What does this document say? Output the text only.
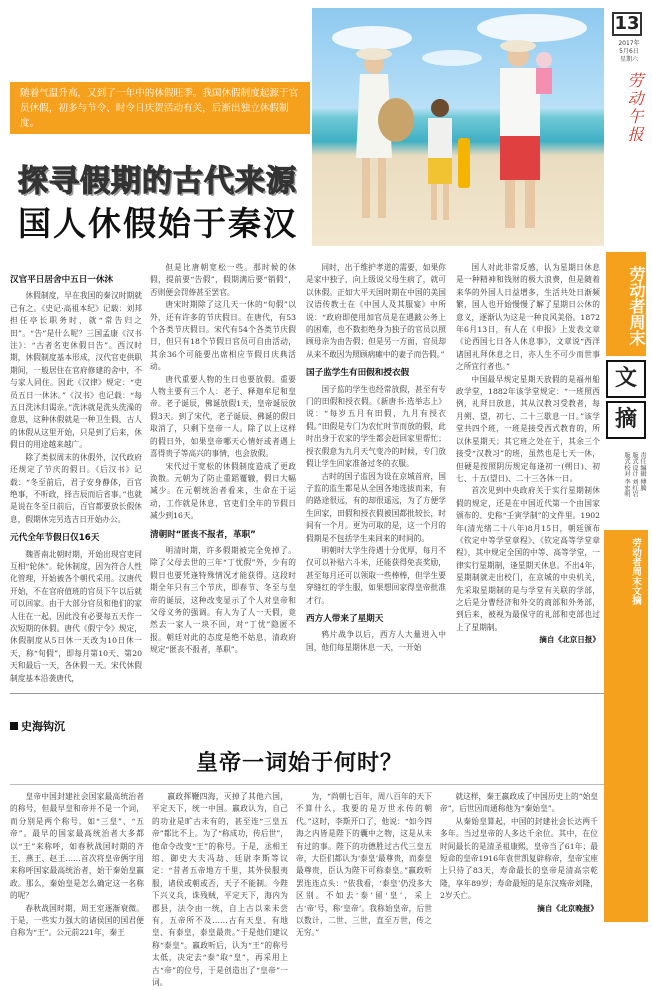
13
2017年
5月6日
星期六
劳动午报
随着气温升高，又到了一年中的休假旺季。我国休假制度起源于官员休假，初多与节令、时令日庆贺活动有关，后渐出独立休假制度。
探寻假期的古代来源
国人休假始于秦汉
汉官平日居舍中五日一休沐

休假制度，早在我国的秦汉时期就已有之。《史记·高祖本纪》记载：刘邦担任亭长职务时，就“常告归之田”。“告”是什么呢？三国孟康《汉书注》：“古者名吏休假日告”。西汉时期，休假制度基本形成，汉代官吏供职期间，一般居住在官府修建的舍中，不与家人同住。因此《汉律》规定：“吏员五日一休沐。”《汉书》也记载：“每五日洗沐归谒亲。”洗沐就是洗头洗澡的意思，这种休假就是一种卫生假，古人的休假从这里开始，只是到了后来，休假日的用途越来越广。

除了类似周末的休假外，汉代政府还规定了节庆的假日。《后汉书》记载：“冬至前后，君子安身静体，百官绝事，不听政，择吉辰而后省事。”也就是说在冬至日前后，百官都要放长假休息，假期休完另选吉日开始办公。

元代全年节假日仅16天

魏晋南北朝时期，开始出现官吏同互相“轮休”。轮休制度，因为符合人性化管理，开始被各个朝代采用。汉唐代开始，不在官府值班的官员下午以后就可以回家。由于大部分官员和他们的家人住在一起，因此没有必要每五天作一次短期的休假。唐代《假宁令》规定，休假制度从5日休一天改为10日休一天，称“旬假”，即每月第10天、第20天和最后一天，各休假一天。宋代休假制度基本沿袭唐代，

但是比唐朝宽松一些。那时候的休假，提前要“告假”，假期满后要“销假”，否则便会罚俸甚至罢官。

唐宋时期除了这几天一休的“旬假”以外，还有许多的节庆假日。在唐代，有53个各类节庆假日。宋代有54个各类节庆假日，但只有18个节假日官员可自由活动，其余36个可能要出席相应节假日庆典活动。

唐代重要人物的生日也要放假。重要人物主要有三个人：老子、释迦牟尼和皇帝。老子诞辰，佛诞放假1天，皇帝诞辰放假3天。到了宋代，老子诞辰、佛诞的假日取消了，只剩下皇帝一人。除了以上这样的假日外，如果皇帝哪天心情好或者遇上喜得贵子等高兴的事情，也会放假。

宋代过于宽松的休假制度造成了更政涣散。元朝为了防止重蹈覆辙，假日大幅减少。在元朝统治者看来，生命在于运动，工作就是休息，官吏们全年的节假日减少到16天。

清朝时“匿丧不报者，革职”

明清时期，许多假期被完全免掉了。除了父母去世的三年“丁忧假”外，少有的假日也要凭逢特殊情况才能获得。这段时期全年只有三个节庆，即春节、冬至与皇帝的诞辰，这种改变显示了个人对皇帝和父母义务的强调。有人为了人一天假，竟然去一家人一块不回，对“丁忧”隐匿不报。朝廷对此的态度是绝不姑息，清政府规定“匿丧不报者，革职”。

同时，出于维护孝道的需要，如果你是家中独子，向上级说父母生病了，就可以休假。正如大平天国时期在中国的美国汉语传教士在《中国人及其服宴》中所说：“政府即使用加官员是在遇跛公务上的困难，也不数拒绝身为独子的官员以照顾母亲为由告假；但是另一方面，官员却从来不敢因为照顾病瘫中的妻子而告假。”

国子监学生有田假和授衣假

国子监的学生也经常放假，甚至有专门的田假和授衣假。《新唐书·选举志上》说：“每岁五月有田假，九月有授衣假。”田假是专门为农忙时节而放的假，此时出身于农家的学生都会赶回家里帮忙；授衣假意为九月天气变冷的时候，专门放假让学生回家准备过冬的衣服。

古时的国子监因为设在京城首府，国子监的监生都是从全国各地选拔而来，有的路途很远，有的却很遥远，为了方便学生回家，田假和授衣假被国都批较长，时间有一个月。更为可取的是，这一个月的假期是不包括学生来回来的时间的。

明朝时大学生待遇十分优厚，每月不仅可以补贴六斗米，还能获得免丧奖励，甚至每月还可以领取一些棒棒，但学生要穿缝红的学生服，如果想回家得皇帝批准才行。

西方人带来了星期天

鸦片战争以后，西方人大量进入中国，他们每星期休息一天，一开始

国人对此非常反感，认为星期日休息是一种精神和钱财的极大浪费，但是随着来华的外国人日益增多，生活共处日渐频繁，国人也开始慢慢了解了星期日公休的意义，逐渐认为这是一种良风美俗。1872年6月13日，有人在《申报》上发表文章《论西国七日各人休息事》，文章说“西洋诸国礼拜休息之日，亦人生不可少而世事之所宜行者也。”

中国最早规定星期天放假的是福州船政学堂，1882年该学堂规定：“一班照西例，礼拜日放息，其从汉教习受教者，每月朔、望，初七、二十三歇息一日。”该学堂共四个班，一班是接受西式教育的，所以休星期天；其它班之处在于，其余三个接受“汉教习”的班，虽然也是七天一休，但硬是按照阴历规定每逢初一(朔日)、初七、十五(望日)、二十三各休一日。

首次见到中央政府关于实行星期制休假的规定，还是在中国近代第一个由国家颁布的、史称“壬寅学制”的文件里。1902年(清光绪二十八年)8月15日，朝廷颁布《钦定中等学堂章程》、《钦定高等学堂章程》，其中规定全国的中等、高等学堂，一律实行星期制，逢星期天休息。不出4年，星期制就走出校门，在京城的中央机关，先采取星期制的是与学堂有关联的学部，之后是分曹经济和外交的商部和外务部，到后来，被视为最保守的礼部和吏部也过上了星期制。

摘自《北京日报》

劳动者周末
文
摘
责任编辑 傅腾
版式设计 刘红岩
版式校对 李宏明
劳动者周末文摘
史海钩沉
皇帝一词始于何时？

皇帝中国封建社会国家最高统治者的称号，但最早皇和帝并不是一个词，而分别是两个称号，如“三皇”、“五帝”。最早的国家最高统治者大多都以“王”来称呼，如春秋战国时期的齐王、燕王、赵王……首次将皇帝俩字用来称呼国家最高统治者，始于秦始皇嬴政。那么，秦始皇是怎么确定这一名称的呢？

春秋战国时期，周王室逐渐衰微。于是，一些实力强大的诸侯国的国君便自称为“王”。公元前221年，秦王

嬴政挥鞭四海，灭掉了其他六国，平定天下，统一中国。嬴政认为，自己的功业是旷古未有的，甚至连“三皇五帝”都比不上。为了“称成功，传后世”，他命令改变“王”的称号。于是，丞相王绾、御史大夫冯劫、廷尉李斯等议定：“昔者五帝地方千里，其外侯服夷服，诸侯或朝或否，天子不能制。今陛下兴义兵，诛残贼，平定天下，海内为郡县，法令由一统，自上古以来未尝有，五帝所不及……古有天皇、有地皇、有泰皇，泰皇最贵。”于是他们建议称“泰皇”。嬴政听后，认为“王”的称号太低，决定去“泰”取“皇”，再采用上古“帝”的位号，于是创造出了“皇帝”一词。

为，“尚朝七百年，周八百年的天下不算什么，我要的是万世永传的朝代。”这时，李斯开口了，他说：“如今四海之内皆是陛下的囊中之物，这是从未有过的事。陛下的功德胜过古代三皇五帝，大臣们都认为‘泰皇’最尊贵，而泰皇最尊贵，臣认为陛下可称泰皇。”嬴政听罢连连点头：“依我看，‘泰皇’仍没多大区别。不如去‘泰’留‘皇’，采上古‘帝’号，称‘皇帝’。我称始皇帝，后世以数计，二世、三世，直至万世，传之无穷。”

就这样，秦王嬴政成了中国历史上的“始皇帝”，后世因而通称他为“秦始皇”。

从秦始皇算起，中国的封建社会长达两千多年。当过皇帝的人多达千余位。其中，在位时间最长的是清圣祖康熙，皇帝当了61年；最短命的皇帝1916年袁世凯复辟称帝，皇帝宝座上只待了83天，寿命最长的皇帝是清高宗乾隆，享年89岁；寿命最短的是东汉殇帝刘隆，2岁夭亡。

摘自《北京晚报》
